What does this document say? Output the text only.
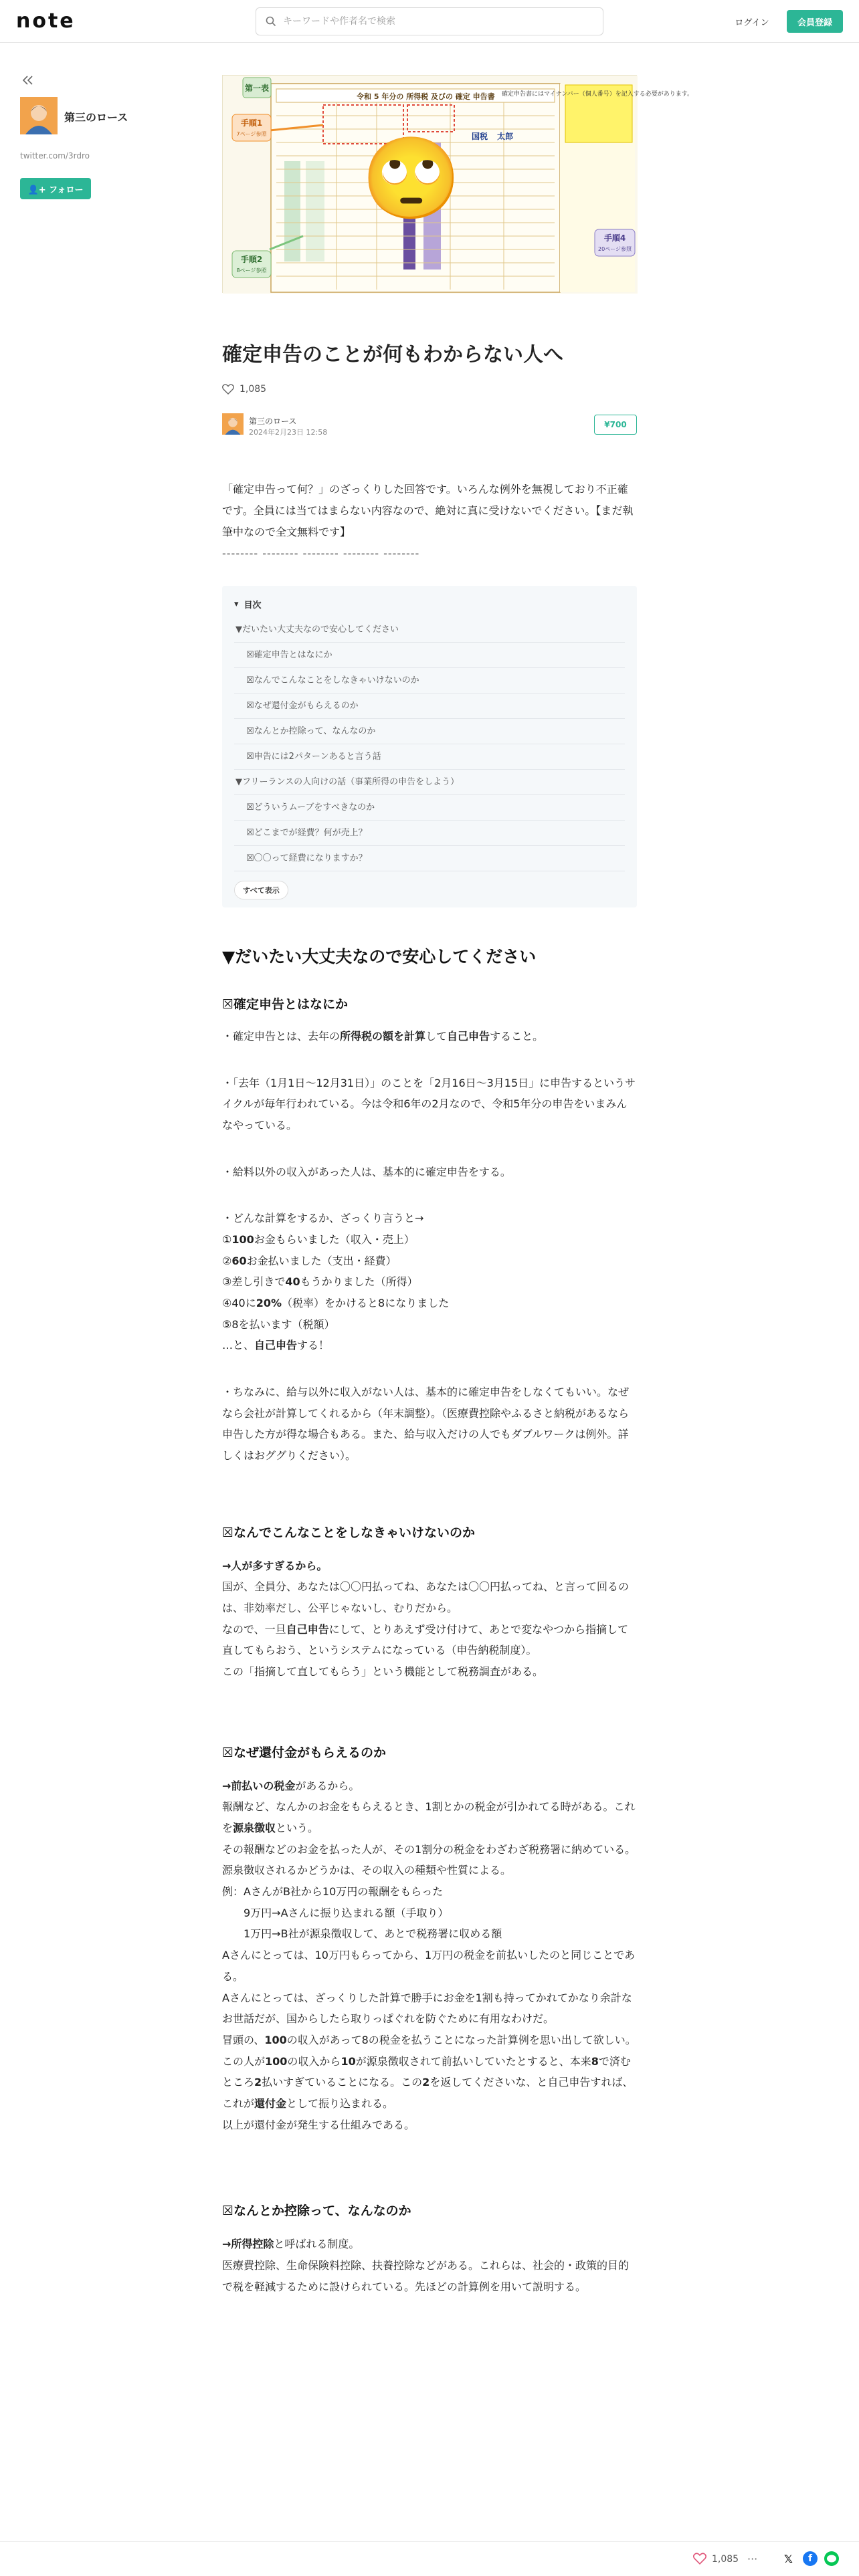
note
キーワードや作者名で検索	ログイン	会員登録
第三のロース
twitter.com/3rdro
👤+ フォロー
第一表
手順1
7ページ参照
手順2
8ページ参照
手順4
20ページ参照
令和 5 年分の 所得税 及びの 確定 申告書 確定申告書にはマイナンバー（個人番号）を記入する必要があります。
国税 太郎
🙄
確定申告のことが何もわからない人へ
1,085
第三のロース
2024年2月23日 12:58
¥700
「確定申告って何？」のざっくりした回答です。いろんな例外を無視しており不正確です。全員には当てはまらない内容なので、絶対に真に受けないでください。【まだ執筆中なので全文無料です】
-------- -------- -------- -------- --------
▾ 目次
▼だいたい大丈夫なので安心してください
☒確定申告とはなにか
☒なんでこんなことをしなきゃいけないのか
☒なぜ還付金がもらえるのか
☒なんとか控除って、なんなのか
☒申告には2パターンあると言う話
▼フリーランスの人向けの話（事業所得の申告をしよう）
☒どういうムーブをすべきなのか
☒どこまでが経費？何が売上？
☒〇〇って経費になりますか？
すべて表示
▼だいたい大丈夫なので安心してください
☒確定申告とはなにか
・確定申告とは、去年の所得税の額を計算して自己申告すること。
・「去年（1月1日〜12月31日）」のことを「2月16日〜3月15日」に申告するというサイクルが毎年行われている。今は令和6年の2月なので、令和5年分の申告をいまみんなやっている。
・給料以外の収入があった人は、基本的に確定申告をする。
・どんな計算をするか、ざっくり言うと→
①100お金もらいました（収入・売上）
②60お金払いました（支出・経費）
③差し引きで40もうかりました（所得）
④40に20%（税率）をかけると8になりました
⑤8を払います（税額）
…と、自己申告する！
・ちなみに、給与以外に収入がない人は、基本的に確定申告をしなくてもいい。なぜなら会社が計算してくれるから（年末調整）。（医療費控除やふるさと納税があるなら申告した方が得な場合もある。また、給与収入だけの人でもダブルワークは例外。詳しくはおググりください）。
☒なんでこんなことをしなきゃいけないのか
→人が多すぎるから。
国が、全員分、あなたは〇〇円払ってね、あなたは〇〇円払ってね、と言って回るのは、非効率だし、公平じゃないし、むりだから。
なので、一旦自己申告にして、とりあえず受け付けて、あとで変なやつから指摘して直してもらおう、というシステムになっている（申告納税制度）。
この「指摘して直してもらう」という機能として税務調査がある。
☒なぜ還付金がもらえるのか
→前払いの税金があるから。
報酬など、なんかのお金をもらえるとき、1割とかの税金が引かれてる時がある。これを源泉徴収という。
その報酬などのお金を払った人が、その1割分の税金をわざわざ税務署に納めている。
源泉徴収されるかどうかは、その収入の種類や性質による。
例：AさんがB社から10万円の報酬をもらった
　　9万円→Aさんに振り込まれる額（手取り）
　　1万円→B社が源泉徴収して、あとで税務署に収める額
Aさんにとっては、10万円もらってから、1万円の税金を前払いしたのと同じことである。
Aさんにとっては、ざっくりした計算で勝手にお金を1割も持ってかれてかなり余計なお世話だが、国からしたら取りっぱぐれを防ぐために有用なわけだ。
冒頭の、100の収入があって8の税金を払うことになった計算例を思い出して欲しい。
この人が100の収入から10が源泉徴収されて前払いしていたとすると、本来8で済むところ2払いすぎていることになる。この2を返してくださいな、と自己申告すれば、これが還付金として振り込まれる。
以上が還付金が発生する仕組みである。
☒なんとか控除って、なんなのか
→所得控除と呼ばれる制度。
医療費控除、生命保険料控除、扶養控除などがある。これらは、社会的・政策的目的で税を軽減するために設けられている。先ほどの計算例を用いて説明する。
1,085 ··· 𝕏	f
